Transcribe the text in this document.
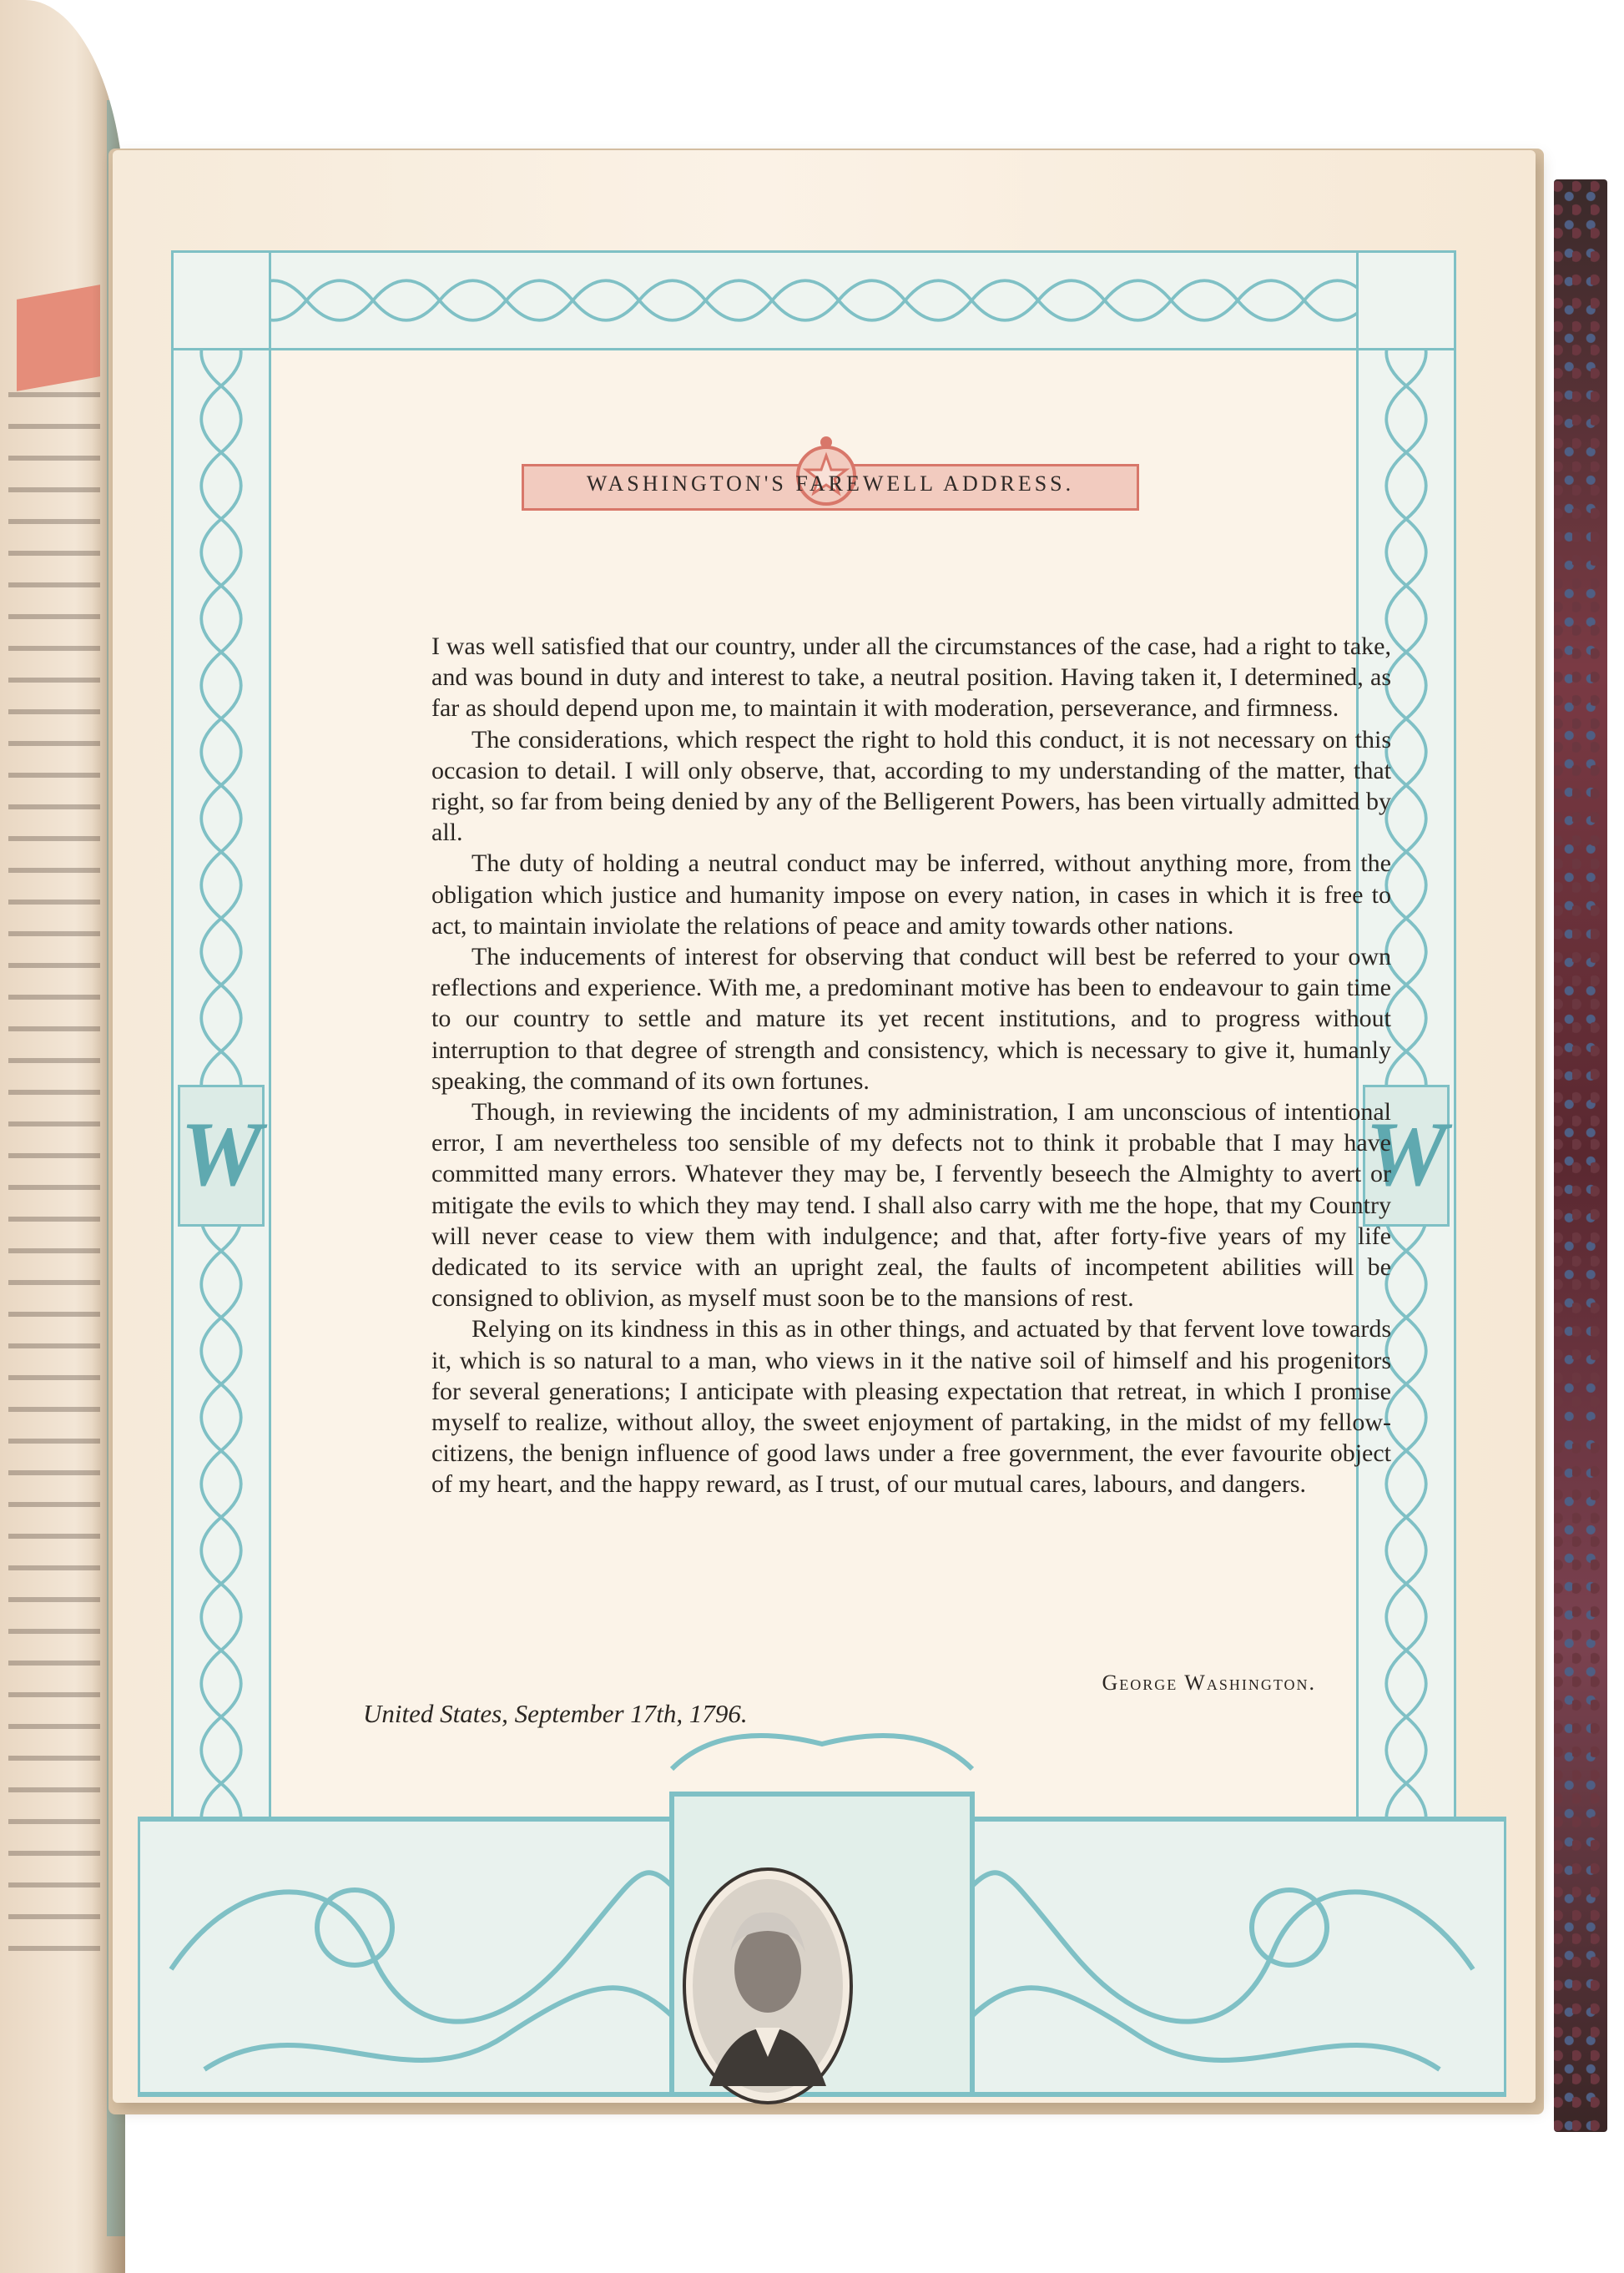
W	W
WASHINGTON'S FAREWELL ADDRESS.

I was well satisfied that our country, under all the circumstances of the case, had a right to take, and was bound in duty and interest to take, a neutral position. Having taken it, I determined, as far as should depend upon me, to maintain it with moderation, perseverance, and firmness.

The considerations, which respect the right to hold this conduct, it is not necessary on this occasion to detail. I will only observe, that, according to my understanding of the matter, that right, so far from being denied by any of the Belligerent Powers, has been virtually admitted by all.

The duty of holding a neutral conduct may be inferred, without anything more, from the obligation which justice and humanity impose on every nation, in cases in which it is free to act, to maintain inviolate the relations of peace and amity towards other nations.

The inducements of interest for observing that conduct will best be referred to your own reflections and experience. With me, a predominant motive has been to endeavour to gain time to our country to settle and mature its yet recent institutions, and to progress without interruption to that degree of strength and consistency, which is necessary to give it, humanly speaking, the command of its own fortunes.

Though, in reviewing the incidents of my administration, I am unconscious of intentional error, I am nevertheless too sensible of my defects not to think it probable that I may have committed many errors. Whatever they may be, I fervently beseech the Almighty to avert or mitigate the evils to which they may tend. I shall also carry with me the hope, that my Country will never cease to view them with indulgence; and that, after forty-five years of my life dedicated to its service with an upright zeal, the faults of incompetent abilities will be consigned to oblivion, as myself must soon be to the mansions of rest.

Relying on its kindness in this as in other things, and actuated by that fervent love towards it, which is so natural to a man, who views in it the native soil of himself and his progenitors for several generations; I anticipate with pleasing expectation that retreat, in which I promise myself to realize, without alloy, the sweet enjoyment of partaking, in the midst of my fellow-citizens, the benign influence of good laws under a free government, the ever favourite object of my heart, and the happy reward, as I trust, of our mutual cares, labours, and dangers.

George Washington.
United States, September 17th, 1796.
